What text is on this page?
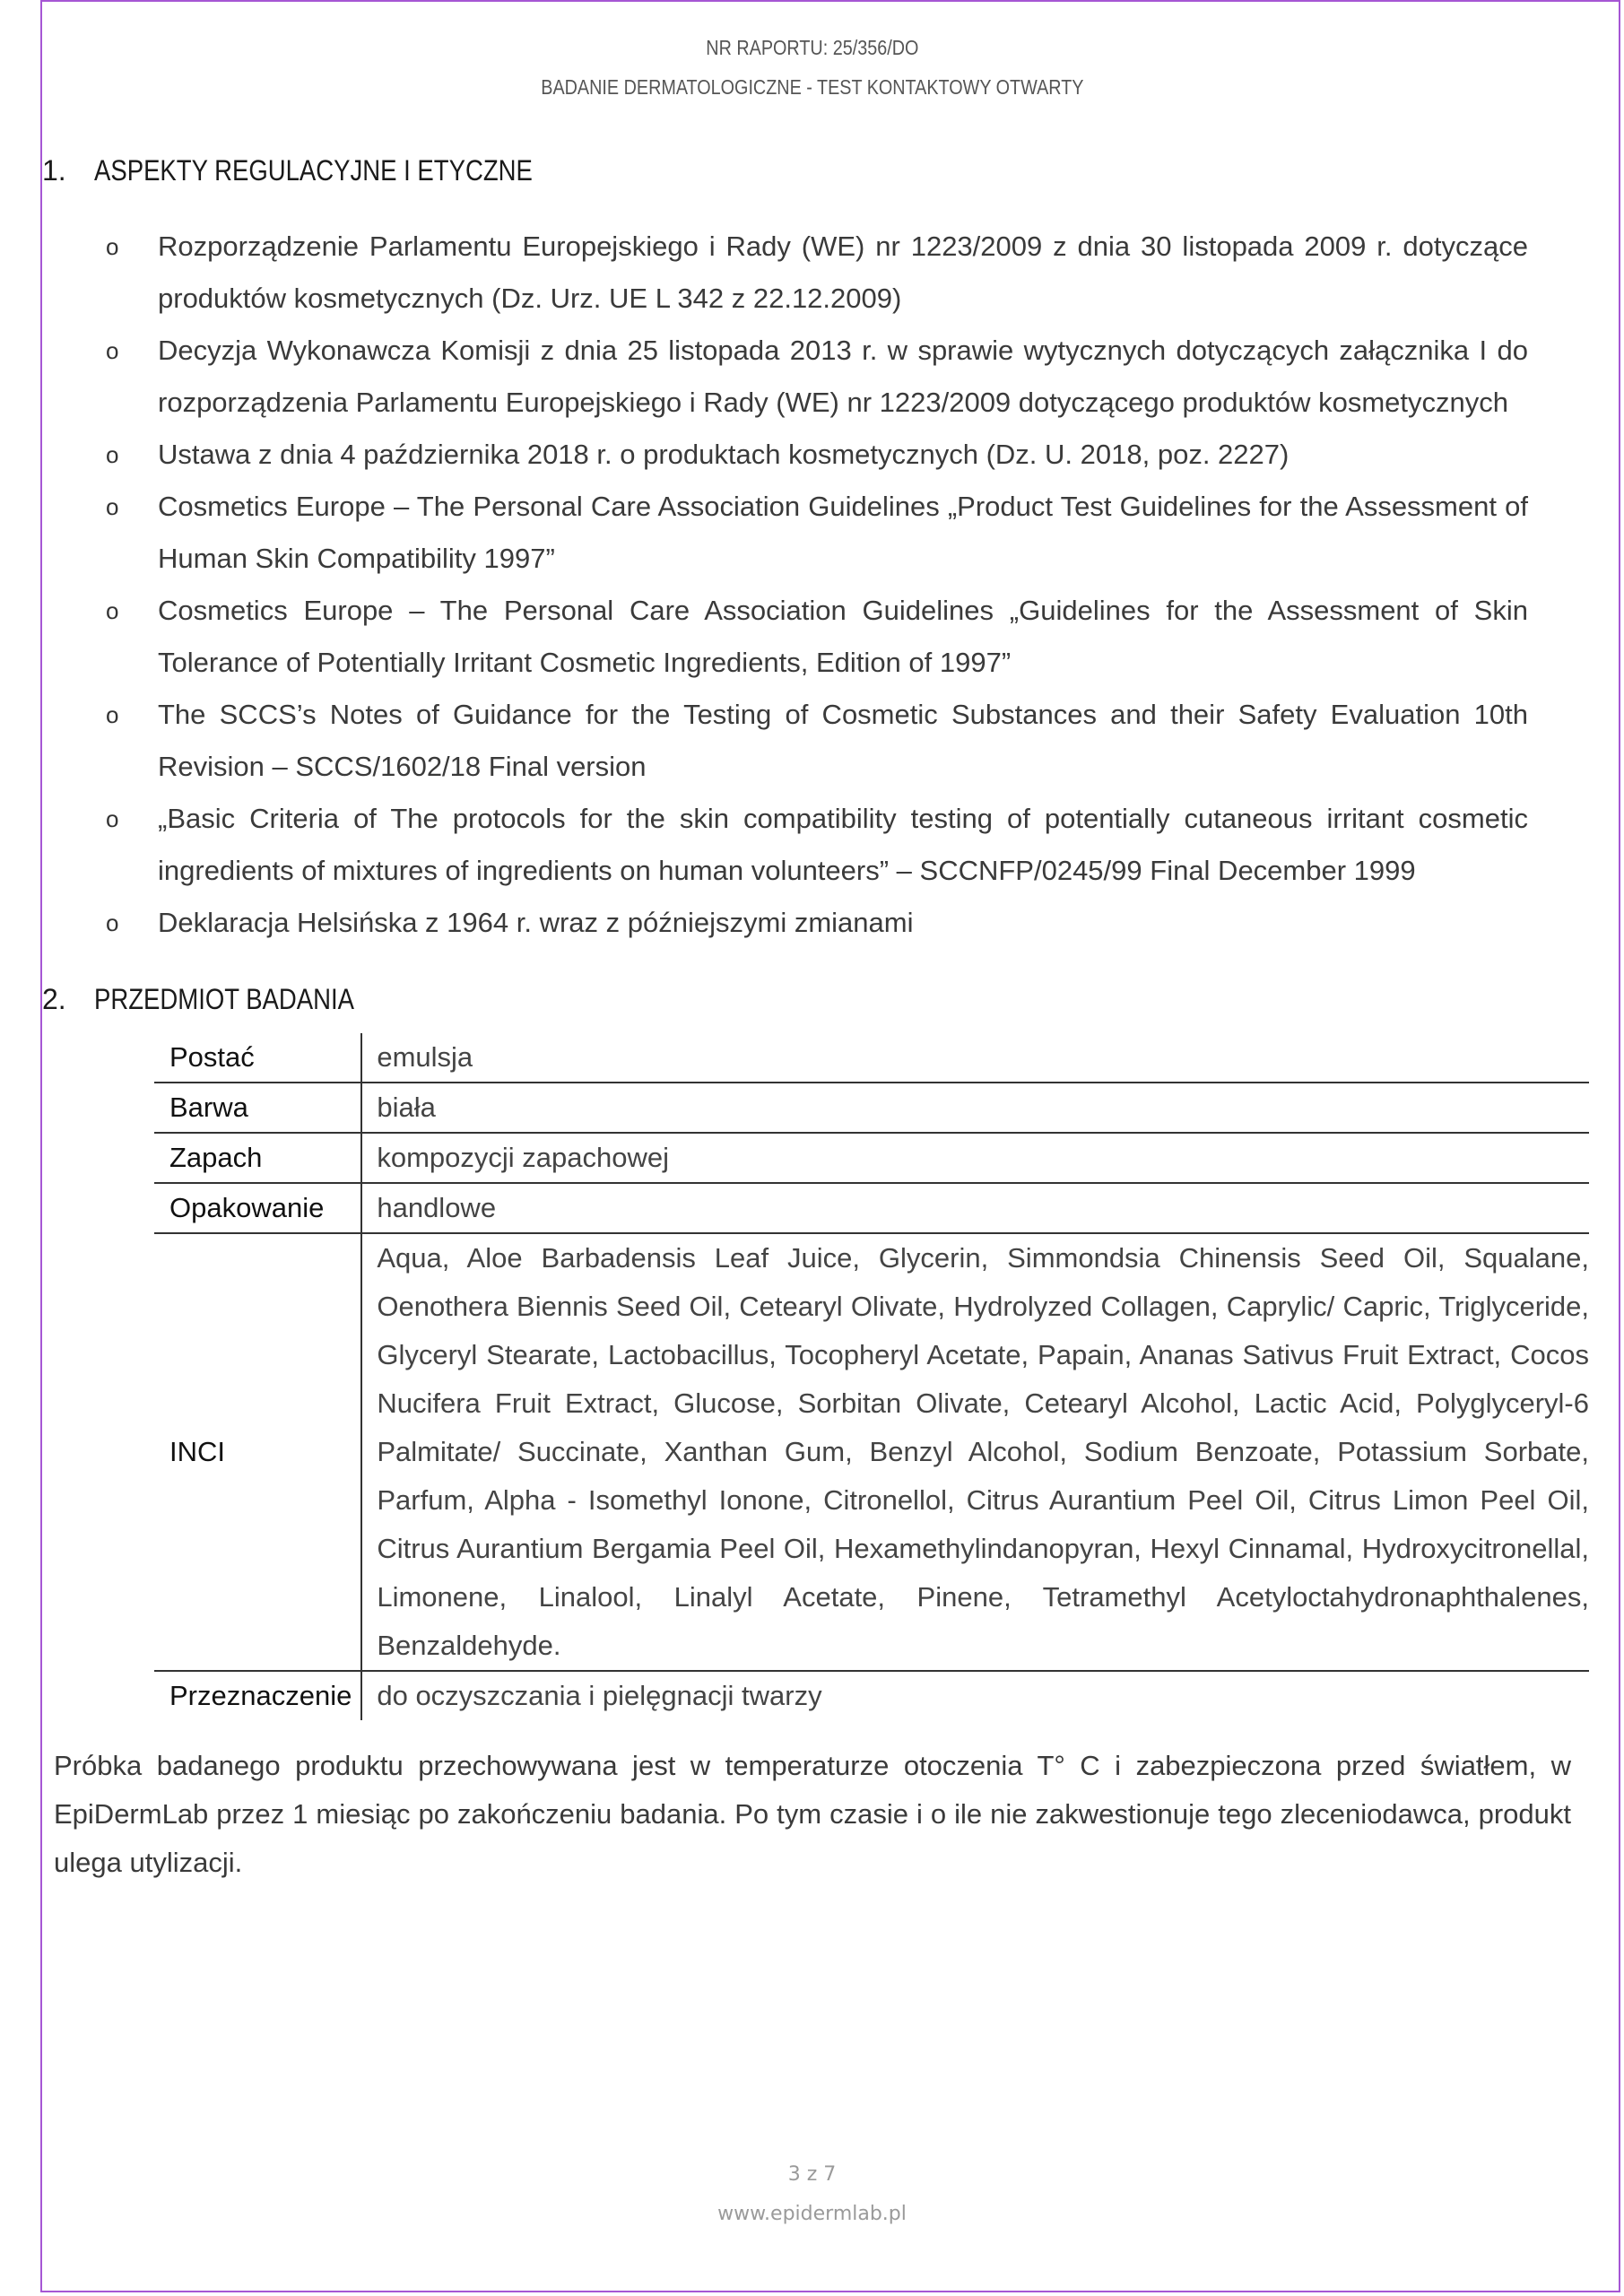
NR RAPORTU: 25/356/DO
BADANIE DERMATOLOGICZNE - TEST KONTAKTOWY OTWARTY
1. ASPEKTY REGULACYJNE I ETYCZNE
o Rozporządzenie Parlamentu Europejskiego i Rady (WE) nr 1223/2009 z dnia 30 listopada 2009 r. dotyczące produktów kosmetycznych (Dz. Urz. UE L 342 z 22.12.2009)
o Decyzja Wykonawcza Komisji z dnia 25 listopada 2013 r. w sprawie wytycznych dotyczących załącznika I do rozporządzenia Parlamentu Europejskiego i Rady (WE) nr 1223/2009 dotyczącego produktów kosmetycznych
o Ustawa z dnia 4 października 2018 r. o produktach kosmetycznych (Dz. U. 2018, poz. 2227)
o Cosmetics Europe – The Personal Care Association Guidelines „Product Test Guidelines for the Assessment of Human Skin Compatibility 1997”
o Cosmetics Europe – The Personal Care Association Guidelines „Guidelines for the Assessment of Skin Tolerance of Potentially Irritant Cosmetic Ingredients, Edition of 1997”
o The SCCS’s Notes of Guidance for the Testing of Cosmetic Substances and their Safety Evaluation 10th Revision – SCCS/1602/18 Final version
o „Basic Criteria of The protocols for the skin compatibility testing of potentially cutaneous irritant cosmetic ingredients of mixtures of ingredients on human volunteers” – SCCNFP/0245/99 Final December 1999
o Deklaracja Helsińska z 1964 r. wraz z późniejszymi zmianami
2. PRZEDMIOT BADANIA
Postać	emulsja
Barwa	biała
Zapach	kompozycji zapachowej
Opakowanie	handlowe
INCI	Aqua, Aloe Barbadensis Leaf Juice, Glycerin, Simmondsia Chinensis Seed Oil, Squalane, Oenothera Biennis Seed Oil, Cetearyl Olivate, Hydrolyzed Collagen, Caprylic/ Capric, Triglyceride, Glyceryl Stearate, Lactobacillus, Tocopheryl Acetate, Papain, Ananas Sativus Fruit Extract, Cocos Nucifera Fruit Extract, Glucose, Sorbitan Olivate, Cetearyl Alcohol, Lactic Acid, Polyglyceryl-6 Palmitate/ Succinate, Xanthan Gum, Benzyl Alcohol, Sodium Benzoate, Potassium Sorbate, Parfum, Alpha - Isomethyl Ionone, Citronellol, Citrus Aurantium Peel Oil, Citrus Limon Peel Oil, Citrus Aurantium Bergamia Peel Oil, Hexamethylindanopyran, Hexyl Cinnamal, Hydroxycitronellal, Limonene, Linalool, Linalyl Acetate, Pinene, Tetramethyl Acetyloctahydronaphthalenes, Benzaldehyde.
Przeznaczenie	do oczyszczania i pielęgnacji twarzy
Próbka badanego produktu przechowywana jest w temperaturze otoczenia T° C i zabezpieczona przed światłem, w EpiDermLab przez 1 miesiąc po zakończeniu badania. Po tym czasie i o ile nie zakwestionuje tego zleceniodawca, produkt ulega utylizacji.
3 z 7
www.epidermlab.pl
